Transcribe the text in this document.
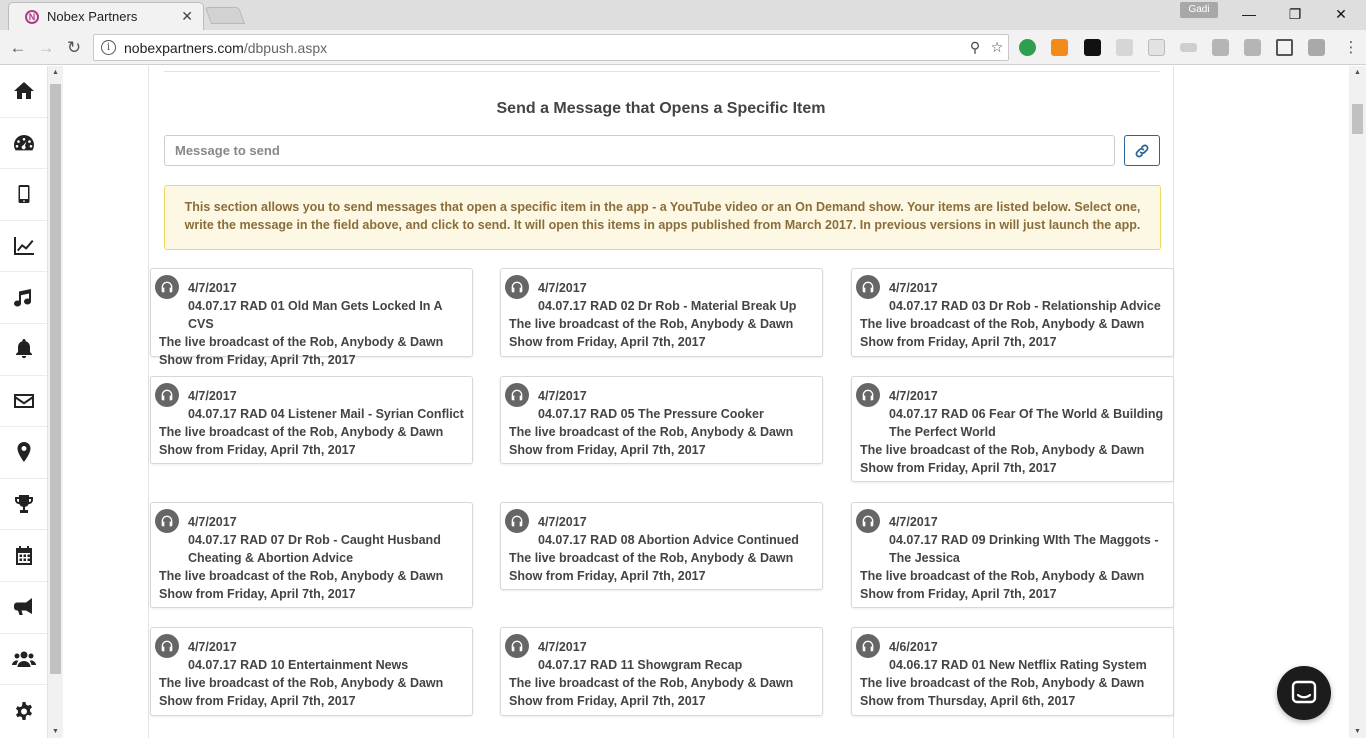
N Nobex Partners	✕	Gadi	—	❐	✕
← → ↻	i nobexpartners.com/dbpush.aspx	⚲ ☆	⋮
▲
▼
Send a Message that Opens a Specific Item
Message to send
This section allows you to send messages that open a specific item in the app - a YouTube video or an On Demand show. Your items are listed below. Select one, write the message in the field above, and click to send. It will open this items in apps published from March 2017. In previous versions in will just launch the app.
4/7/2017
04.07.17 RAD 01 Old Man Gets Locked In A CVS
The live broadcast of the Rob, Anybody & Dawn Show from Friday, April 7th, 2017
4/7/2017
04.07.17 RAD 02 Dr Rob - Material Break Up
The live broadcast of the Rob, Anybody & Dawn Show from Friday, April 7th, 2017
4/7/2017
04.07.17 RAD 03 Dr Rob - Relationship Advice
The live broadcast of the Rob, Anybody & Dawn Show from Friday, April 7th, 2017
4/7/2017
04.07.17 RAD 04 Listener Mail - Syrian Conflict
The live broadcast of the Rob, Anybody & Dawn Show from Friday, April 7th, 2017
4/7/2017
04.07.17 RAD 05 The Pressure Cooker
The live broadcast of the Rob, Anybody & Dawn Show from Friday, April 7th, 2017
4/7/2017
04.07.17 RAD 06 Fear Of The World & Building The Perfect World
The live broadcast of the Rob, Anybody & Dawn Show from Friday, April 7th, 2017
4/7/2017
04.07.17 RAD 07 Dr Rob - Caught Husband Cheating & Abortion Advice
The live broadcast of the Rob, Anybody & Dawn Show from Friday, April 7th, 2017
4/7/2017
04.07.17 RAD 08 Abortion Advice Continued
The live broadcast of the Rob, Anybody & Dawn Show from Friday, April 7th, 2017
4/7/2017
04.07.17 RAD 09 Drinking WIth The Maggots - The Jessica
The live broadcast of the Rob, Anybody & Dawn Show from Friday, April 7th, 2017
4/7/2017
04.07.17 RAD 10 Entertainment News
The live broadcast of the Rob, Anybody & Dawn Show from Friday, April 7th, 2017
4/7/2017
04.07.17 RAD 11 Showgram Recap
The live broadcast of the Rob, Anybody & Dawn Show from Friday, April 7th, 2017
4/6/2017
04.06.17 RAD 01 New Netflix Rating System
The live broadcast of the Rob, Anybody & Dawn Show from Thursday, April 6th, 2017
▲
▼
